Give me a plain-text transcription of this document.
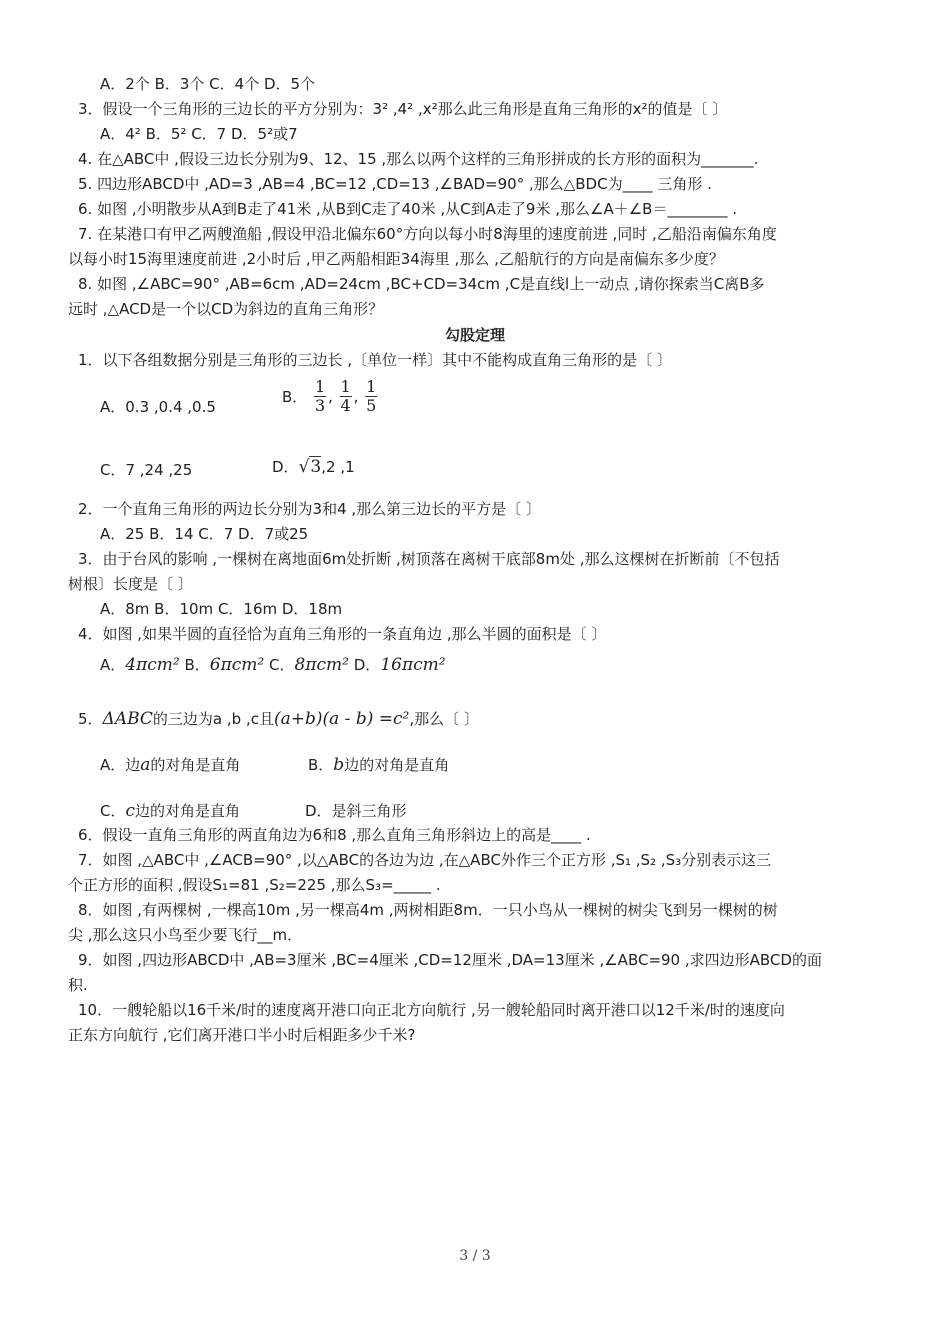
A．2个 B．3个 C．4个 D．5个
3．假设一个三角形的三边长的平方分别为：3² ,4² ,x²那么此三角形是直角三角形的x²的值是〔 〕
A．4² B．5² C．7 D．5²或7
4. 在△ABC中 ,假设三边长分别为9、12、15 ,那么以两个这样的三角形拼成的长方形的面积为_______.
5. 四边形ABCD中 ,AD=3 ,AB=4 ,BC=12 ,CD=13 ,∠BAD=90° ,那么△BDC为____ 三角形 .
6. 如图 ,小明散步从A到B走了41米 ,从B到C走了40米 ,从C到A走了9米 ,那么∠A＋∠B＝________ .
7. 在某港口有甲乙两艘渔船 ,假设甲沿北偏东60°方向以每小时8海里的速度前进 ,同时 ,乙船沿南偏东角度
以每小时15海里速度前进 ,2小时后 ,甲乙两船相距34海里 ,那么 ,乙船航行的方向是南偏东多少度？
8. 如图 ,∠ABC=90° ,AB=6cm ,AD=24cm ,BC+CD=34cm ,C是直线l上一动点 ,请你探索当C离B多
远时 ,△ACD是一个以CD为斜边的直角三角形？
勾股定理
1．以下各组数据分别是三角形的三边长 ,〔单位一样〕其中不能构成直角三角形的是〔 〕
A．0.3 ,0.4 ,0.5
B． $\frac{1}{3}$ , $\frac{1}{4}$ , $\frac{1}{5}$
C．7 ,24 ,25	D．√3,2 ,1
2．一个直角三角形的两边长分别为3和4 ,那么第三边长的平方是〔 〕
A．25 B．14 C．7 D．7或25
3．由于台风的影响 ,一棵树在离地面6m处折断 ,树顶落在离树干底部8m处 ,那么这棵树在折断前〔不包括
树根〕长度是〔 〕
A．8m B．10m C．16m D．18m
4．如图 ,如果半圆的直径恰为直角三角形的一条直角边 ,那么半圆的面积是〔 〕
A．4πcm² B．6πcm² C．8πcm² D．16πcm²
5．ΔABC的三边为a ,b ,c且(a+b)(a - b) =c²,那么〔 〕
A．边a的对角是直角	B．b边的对角是直角
C．c边的对角是直角	D．是斜三角形
6．假设一直角三角形的两直角边为6和8 ,那么直角三角形斜边上的高是____ .
7．如图 ,△ABC中 ,∠ACB=90° ,以△ABC的各边为边 ,在△ABC外作三个正方形 ,S₁ ,S₂ ,S₃分别表示这三
个正方形的面积 ,假设S₁=81 ,S₂=225 ,那么S₃=_____ .
8．如图 ,有两棵树 ,一棵高10m ,另一棵高4m ,两树相距8m．一只小鸟从一棵树的树尖飞到另一棵树的树
尖 ,那么这只小鸟至少要飞行__m．
9．如图 ,四边形ABCD中 ,AB=3厘米 ,BC=4厘米 ,CD=12厘米 ,DA=13厘米 ,∠ABC=90 ,求四边形ABCD的面
积.
10．一艘轮船以16千米/时的速度离开港口向正北方向航行 ,另一艘轮船同时离开港口以12千米/时的速度向
正东方向航行 ,它们离开港口半小时后相距多少千米?
3 / 3
